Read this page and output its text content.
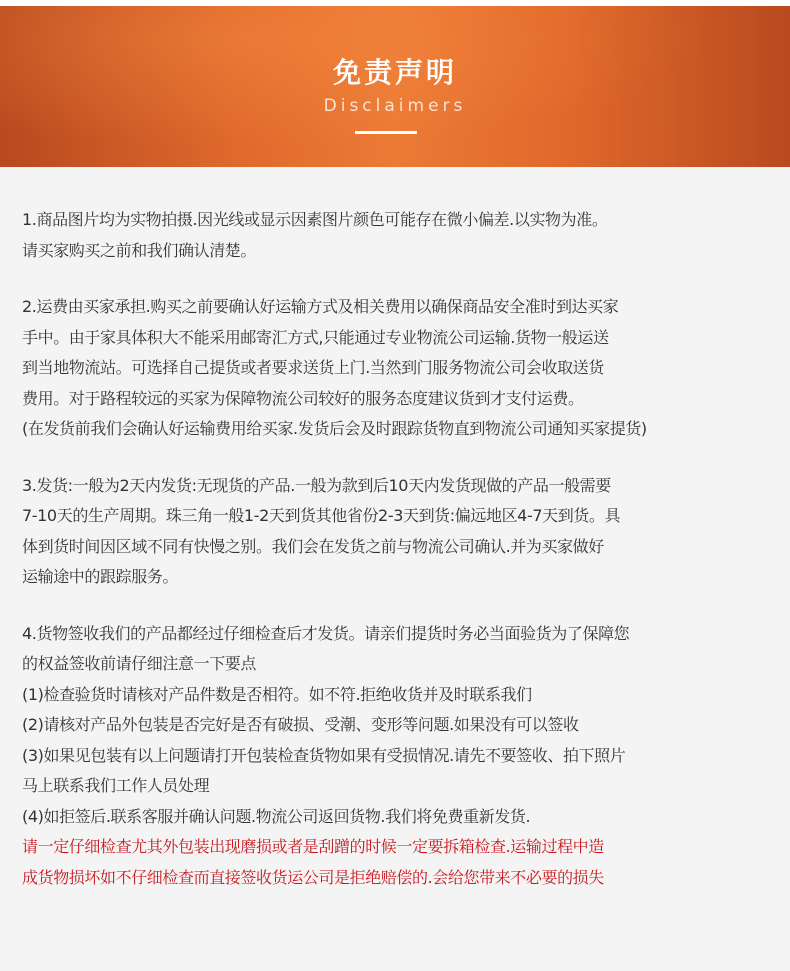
免责声明
Disclaimers
1.商品图片均为实物拍摄.因光线或显示因素图片颜色可能存在微小偏差.以实物为准。
请买家购买之前和我们确认清楚。
2.运费由买家承担.购买之前要确认好运输方式及相关费用以确保商品安全准时到达买家
手中。由于家具体积大不能采用邮寄汇方式,只能通过专业物流公司运输.货物一般运送
到当地物流站。可选择自己提货或者要求送货上门.当然到门服务物流公司会收取送货
费用。对于路程较远的买家为保障物流公司较好的服务态度建议货到才支付运费。
(在发货前我们会确认好运输费用给买家.发货后会及时跟踪货物直到物流公司通知买家提货)
3.发货:一般为2天内发货:无现货的产品.一般为款到后10天内发货现做的产品一般需要
7-10天的生产周期。珠三角一般1-2天到货其他省份2-3天到货:偏远地区4-7天到货。具
体到货时间因区域不同有快慢之别。我们会在发货之前与物流公司确认.并为买家做好
运输途中的跟踪服务。
4.货物签收我们的产品都经过仔细检查后才发货。请亲们提货时务必当面验货为了保障您
的权益签收前请仔细注意一下要点
(1)检查验货时请核对产品件数是否相符。如不符.拒绝收货并及时联系我们
(2)请核对产品外包装是否完好是否有破损、受潮、变形等问题.如果没有可以签收
(3)如果见包装有以上问题请打开包装检查货物如果有受损情况.请先不要签收、拍下照片
马上联系我们工作人员处理
(4)如拒签后.联系客服并确认问题.物流公司返回货物.我们将免费重新发货.
请一定仔细检查尤其外包装出现磨损或者是刮蹭的时候一定要拆箱检查.运输过程中造
成货物损坏如不仔细检查而直接签收货运公司是拒绝赔偿的.会给您带来不必要的损失
